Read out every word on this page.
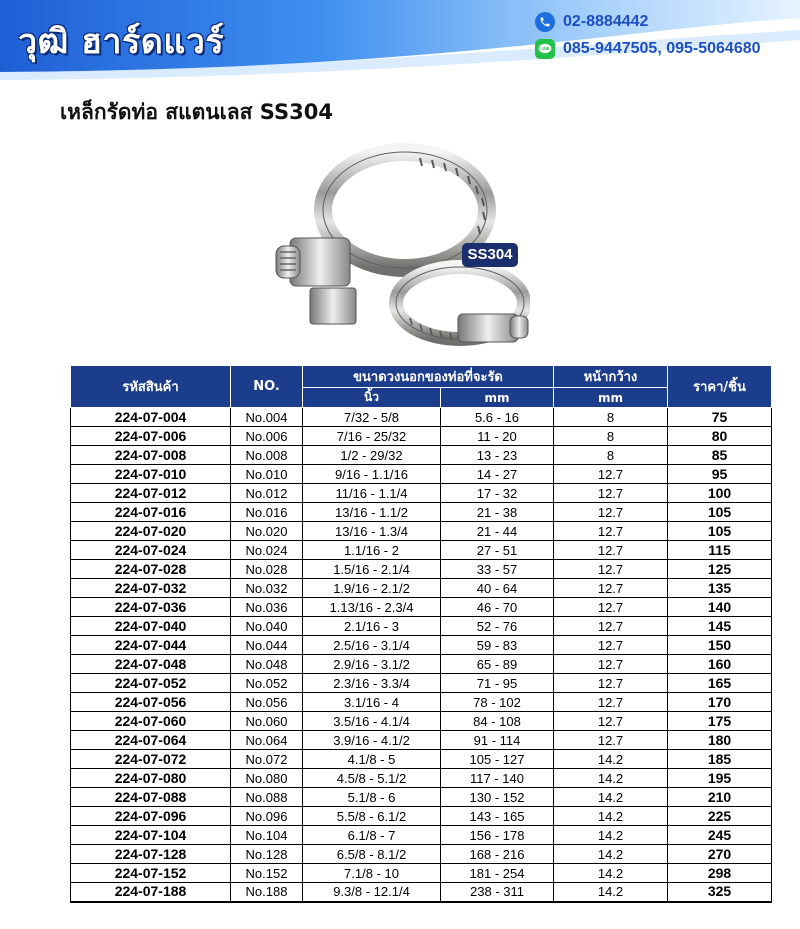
วุฒิ ฮาร์ดแวร์
02-8884442
LINE 085-9447505, 095-5064680
เหล็กรัดท่อ สแตนเลส SS304
SS304
รหัสสินค้า	NO.	ขนาดวงนอกของท่อที่จะรัด		หน้ากว้าง	ราคา/ชิ้น
		นิ้ว	mm	mm	
224-07-004	No.004	7/32 - 5/8	5.6 - 16	8	75
224-07-006	No.006	7/16 - 25/32	11 - 20	8	80
224-07-008	No.008	1/2 - 29/32	13 - 23	8	85
224-07-010	No.010	9/16 - 1.1/16	14 - 27	12.7	95
224-07-012	No.012	11/16 - 1.1/4	17 - 32	12.7	100
224-07-016	No.016	13/16 - 1.1/2	21 - 38	12.7	105
224-07-020	No.020	13/16 - 1.3/4	21 - 44	12.7	105
224-07-024	No.024	1.1/16 - 2	27 - 51	12.7	115
224-07-028	No.028	1.5/16 - 2.1/4	33 - 57	12.7	125
224-07-032	No.032	1.9/16 - 2.1/2	40 - 64	12.7	135
224-07-036	No.036	1.13/16 - 2.3/4	46 - 70	12.7	140
224-07-040	No.040	2.1/16 - 3	52 - 76	12.7	145
224-07-044	No.044	2.5/16 - 3.1/4	59 - 83	12.7	150
224-07-048	No.048	2.9/16 - 3.1/2	65 - 89	12.7	160
224-07-052	No.052	2.3/16 - 3.3/4	71 - 95	12.7	165
224-07-056	No.056	3.1/16 - 4	78 - 102	12.7	170
224-07-060	No.060	3.5/16 - 4.1/4	84 - 108	12.7	175
224-07-064	No.064	3.9/16 - 4.1/2	91 - 114	12.7	180
224-07-072	No.072	4.1/8 - 5	105 - 127	14.2	185
224-07-080	No.080	4.5/8 - 5.1/2	117 - 140	14.2	195
224-07-088	No.088	5.1/8 - 6	130 - 152	14.2	210
224-07-096	No.096	5.5/8 - 6.1/2	143 - 165	14.2	225
224-07-104	No.104	6.1/8 - 7	156 - 178	14.2	245
224-07-128	No.128	6.5/8 - 8.1/2	168 - 216	14.2	270
224-07-152	No.152	7.1/8 - 10	181 - 254	14.2	298
224-07-188	No.188	9.3/8 - 12.1/4	238 - 311	14.2	325
